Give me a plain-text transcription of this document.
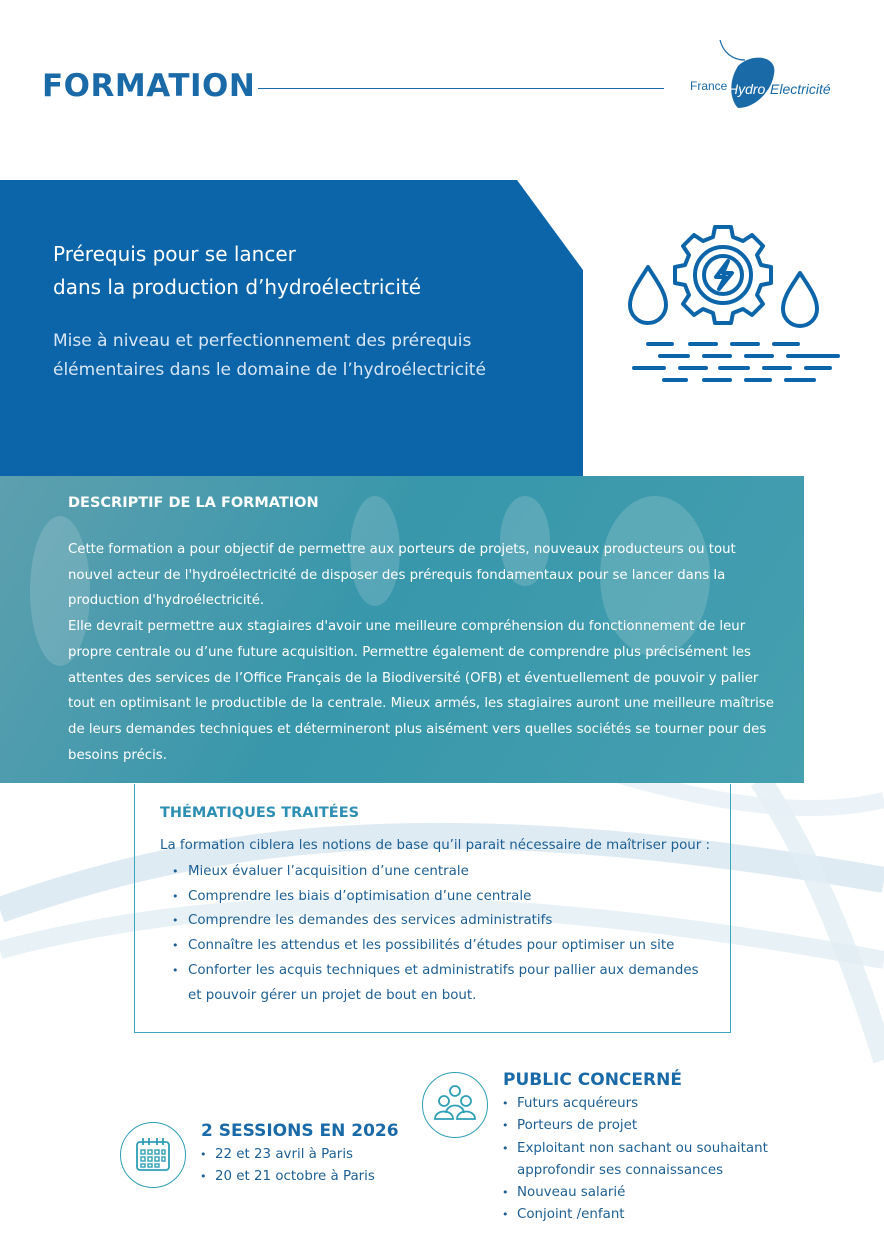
FORMATION	France Hydro Electricité
Prérequis pour se lancer
dans la production d’hydroélectricité
Mise à niveau et perfectionnement des prérequis
élémentaires dans le domaine de l’hydroélectricité
DESCRIPTIF DE LA FORMATION

Cette formation a pour objectif de permettre aux porteurs de projets, nouveaux producteurs ou tout nouvel acteur de l'hydroélectricité de disposer des prérequis fondamentaux pour se lancer dans la production d'hydroélectricité.

Elle devrait permettre aux stagiaires d'avoir une meilleure compréhension du fonctionnement de leur propre centrale ou d’une future acquisition. Permettre également de comprendre plus précisément les attentes des services de l’Office Français de la Biodiversité (OFB) et éventuellement de pouvoir y palier tout en optimisant le productible de la centrale. Mieux armés, les stagiaires auront une meilleure maîtrise de leurs demandes techniques et détermineront plus aisément vers quelles sociétés se tourner pour des besoins précis.

THÉMATIQUES TRAITÉES
La formation ciblera les notions de base qu’il parait nécessaire de maîtriser pour :
• Mieux évaluer l’acquisition d’une centrale
• Comprendre les biais d’optimisation d’une centrale
• Comprendre les demandes des services administratifs
• Connaître les attendus et les possibilités d’études pour optimiser un site
• Conforter les acquis techniques et administratifs pour pallier aux demandes
et pouvoir gérer un projet de bout en bout.
PUBLIC CONCERNÉ
• Futurs acquéreurs
• Porteurs de projet
• Exploitant non sachant ou souhaitant
approfondir ses connaissances
• Nouveau salarié
• Conjoint /enfant
2 SESSIONS EN 2026
• 22 et 23 avril à Paris
• 20 et 21 octobre à Paris
